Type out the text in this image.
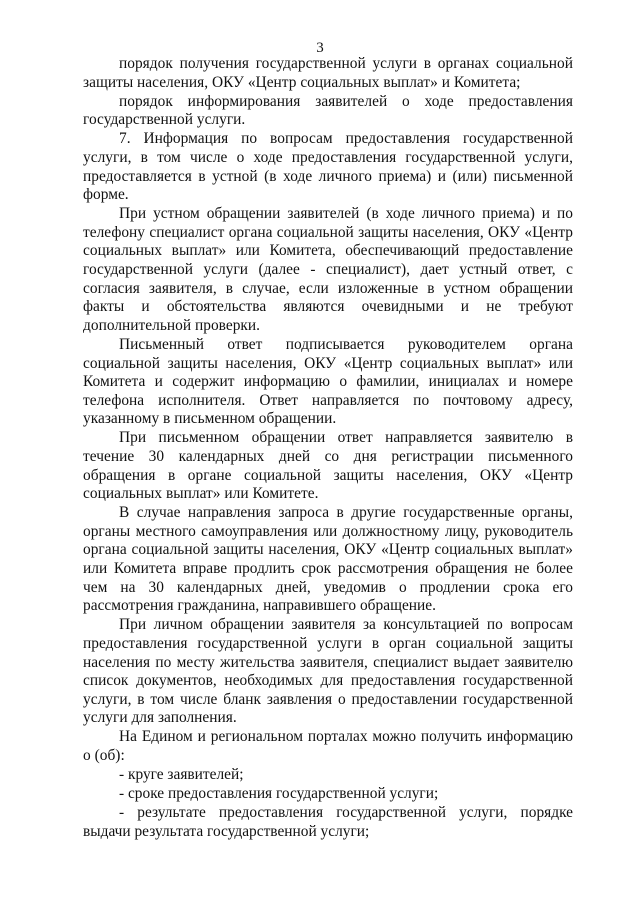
3

порядок получения государственной услуги в органах социальной защиты населения, ОКУ «Центр социальных выплат» и Комитета;

порядок информирования заявителей о ходе предоставления государственной услуги.

7. Информация по вопросам предоставления государственной услуги, в том числе о ходе предоставления государственной услуги, предоставляется в устной (в ходе личного приема) и (или) письменной форме.

При устном обращении заявителей (в ходе личного приема) и по телефону специалист органа социальной защиты населения, ОКУ «Центр социальных выплат» или Комитета, обеспечивающий предоставление государственной услуги (далее - специалист), дает устный ответ, с согласия заявителя, в случае, если изложенные в устном обращении факты и обстоятельства являются очевидными и не требуют дополнительной проверки.

Письменный ответ подписывается руководителем органа социальной защиты населения, ОКУ «Центр социальных выплат» или Комитета и содержит информацию о фамилии, инициалах и номере телефона исполнителя. Ответ направляется по почтовому адресу, указанному в письменном обращении.

При письменном обращении ответ направляется заявителю в течение 30 календарных дней со дня регистрации письменного обращения в органе социальной защиты населения, ОКУ «Центр социальных выплат» или Комитете.

В случае направления запроса в другие государственные органы, органы местного самоуправления или должностному лицу, руководитель органа социальной защиты населения, ОКУ «Центр социальных выплат» или Комитета вправе продлить срок рассмотрения обращения не более чем на 30 календарных дней, уведомив о продлении срока его рассмотрения гражданина, направившего обращение.

При личном обращении заявителя за консультацией по вопросам предоставления государственной услуги в орган социальной защиты населения по месту жительства заявителя, специалист выдает заявителю список документов, необходимых для предоставления государственной услуги, в том числе бланк заявления о предоставлении государственной услуги для заполнения.

На Едином и региональном порталах можно получить информацию о (об):

- круге заявителей;

- сроке предоставления государственной услуги;

- результате предоставления государственной услуги, порядке выдачи результата государственной услуги;
